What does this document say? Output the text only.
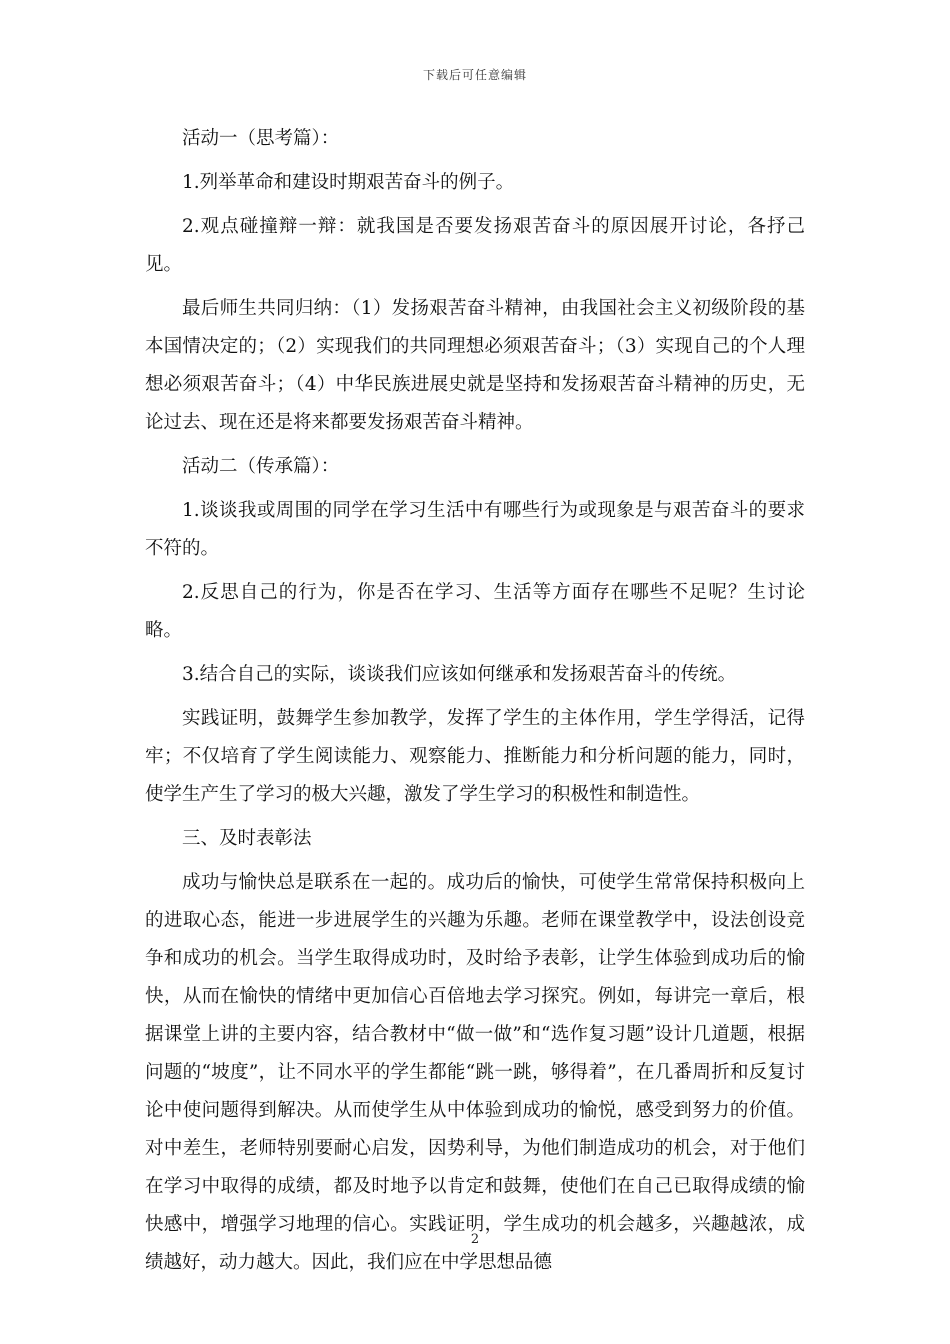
下载后可任意编辑

活动一（思考篇）：

1.列举革命和建设时期艰苦奋斗的例子。

2.观点碰撞辩一辩：就我国是否要发扬艰苦奋斗的原因展开讨论，各抒己见。

最后师生共同归纳：（1）发扬艰苦奋斗精神，由我国社会主义初级阶段的基本国情决定的；（2）实现我们的共同理想必须艰苦奋斗；（3）实现自己的个人理想必须艰苦奋斗；（4）中华民族进展史就是坚持和发扬艰苦奋斗精神的历史，无论过去、现在还是将来都要发扬艰苦奋斗精神。

活动二（传承篇）：

1.谈谈我或周围的同学在学习生活中有哪些行为或现象是与艰苦奋斗的要求不符的。

2.反思自己的行为，你是否在学习、生活等方面存在哪些不足呢？生讨论略。

3.结合自己的实际，谈谈我们应该如何继承和发扬艰苦奋斗的传统。

实践证明，鼓舞学生参加教学，发挥了学生的主体作用，学生学得活，记得牢；不仅培育了学生阅读能力、观察能力、推断能力和分析问题的能力，同时，使学生产生了学习的极大兴趣，激发了学生学习的积极性和制造性。

三、及时表彰法

成功与愉快总是联系在一起的。成功后的愉快，可使学生常常保持积极向上的进取心态，能进一步进展学生的兴趣为乐趣。老师在课堂教学中，设法创设竞争和成功的机会。当学生取得成功时，及时给予表彰，让学生体验到成功后的愉快，从而在愉快的情绪中更加信心百倍地去学习探究。例如，每讲完一章后，根据课堂上讲的主要内容，结合教材中“做一做”和“选作复习题”设计几道题，根据问题的“坡度”，让不同水平的学生都能“跳一跳，够得着”，在几番周折和反复讨论中使问题得到解决。从而使学生从中体验到成功的愉悦，感受到努力的价值。对中差生，老师特别要耐心启发，因势利导，为他们制造成功的机会，对于他们在学习中取得的成绩，都及时地予以肯定和鼓舞，使他们在自己已取得成绩的愉快感中，增强学习地理的信心。实践证明，学生成功的机会越多，兴趣越浓，成绩越好，动力越大。因此，我们应在中学思想品德

2
